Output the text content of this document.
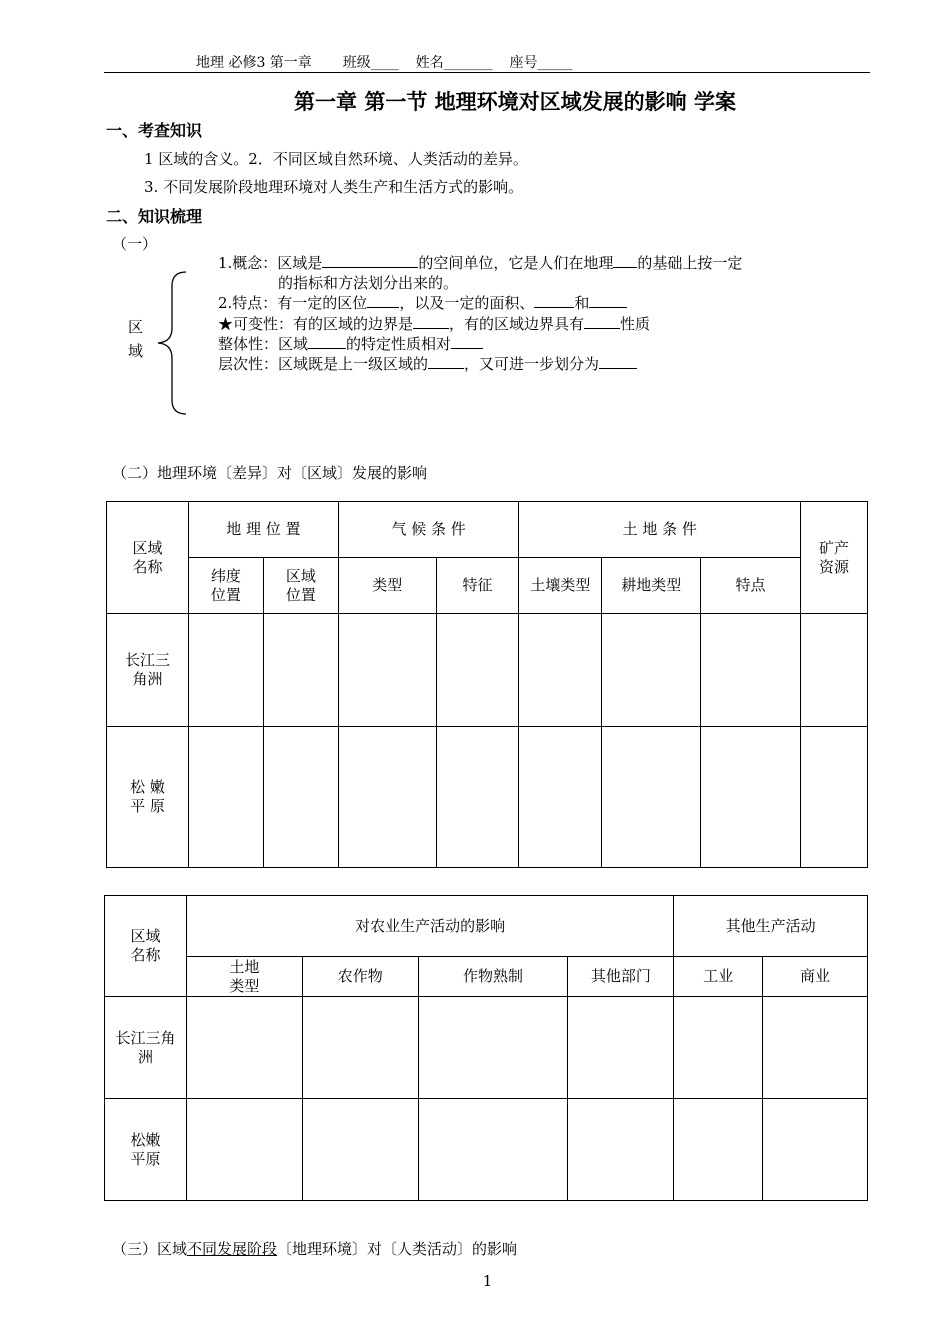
地理 必修3 第一章 班级____ 姓名_______ 座号_____
第一章 第一节 地理环境对区域发展的影响 学案
一、考查知识
1 区域的含义。2．不同区域自然环境、人类活动的差异。
3. 不同发展阶段地理环境对人类生产和生活方式的影响。
二、知识梳理
（一）
区
域
1.概念：区域是	的空间单位，它是人们在地理 的基础上按一定
的指标和方法划分出来的。
2.特点：有一定的区位 ，以及一定的面积、	和
★可变性：有的区域的边界是 ，有的区域边界具有 性质
整体性：区域	的特定性质相对
层次性：区域既是上一级区域的 ，又可进一步划分为
（二）地理环境〔差异〕对〔区域〕发展的影响
区域名称	地 理 位 置		气 候 条 件		土 地 条 件			矿产资源
	纬度位置	区域位置	类型	特征	土壤类型	耕地类型	特点	
长江三角洲								
松 嫩 平 原								
区域名称	对农业生产活动的影响				其他生产活动	
	土地类型	农作物	作物熟制	其他部门	工业	商业
长江三角洲						
松嫩平原						
（三）区域不同发展阶段〔地理环境〕对〔人类活动〕的影响
1
